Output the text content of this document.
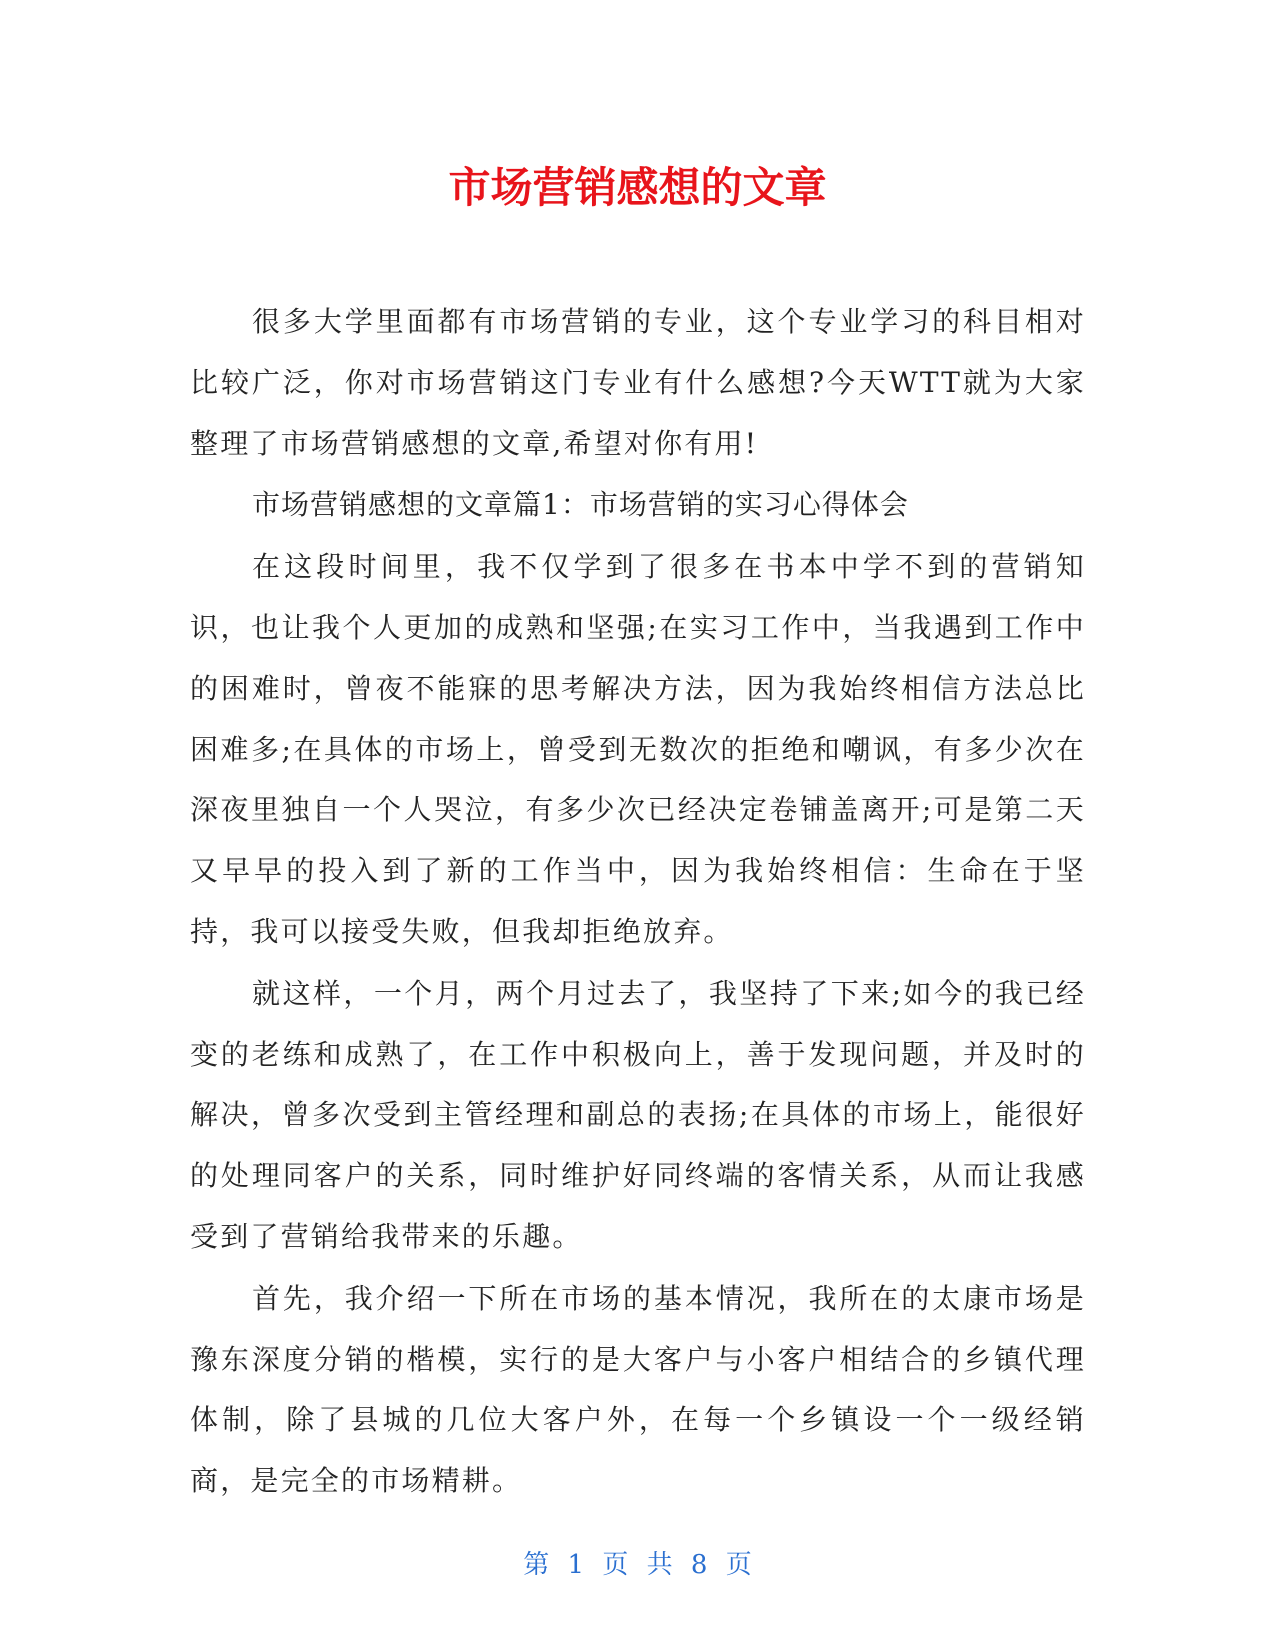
市场营销感想的文章

很多大学里面都有市场营销的专业，这个专业学习的科目相对比较广泛，你对市场营销这门专业有什么感想?今天WTT就为大家整理了市场营销感想的文章,希望对你有用!

市场营销感想的文章篇1：市场营销的实习心得体会

在这段时间里，我不仅学到了很多在书本中学不到的营销知识，也让我个人更加的成熟和坚强;在实习工作中，当我遇到工作中的困难时，曾夜不能寐的思考解决方法，因为我始终相信方法总比困难多;在具体的市场上，曾受到无数次的拒绝和嘲讽，有多少次在深夜里独自一个人哭泣，有多少次已经决定卷铺盖离开;可是第二天又早早的投入到了新的工作当中，因为我始终相信：生命在于坚持，我可以接受失败，但我却拒绝放弃。

就这样，一个月，两个月过去了，我坚持了下来;如今的我已经变的老练和成熟了，在工作中积极向上，善于发现问题，并及时的解决，曾多次受到主管经理和副总的表扬;在具体的市场上，能很好的处理同客户的关系，同时维护好同终端的客情关系，从而让我感受到了营销给我带来的乐趣。

首先，我介绍一下所在市场的基本情况，我所在的太康市场是豫东深度分销的楷模，实行的是大客户与小客户相结合的乡镇代理体制，除了县城的几位大客户外，在每一个乡镇设一个一级经销商，是完全的市场精耕。

第 1 页 共 8 页
